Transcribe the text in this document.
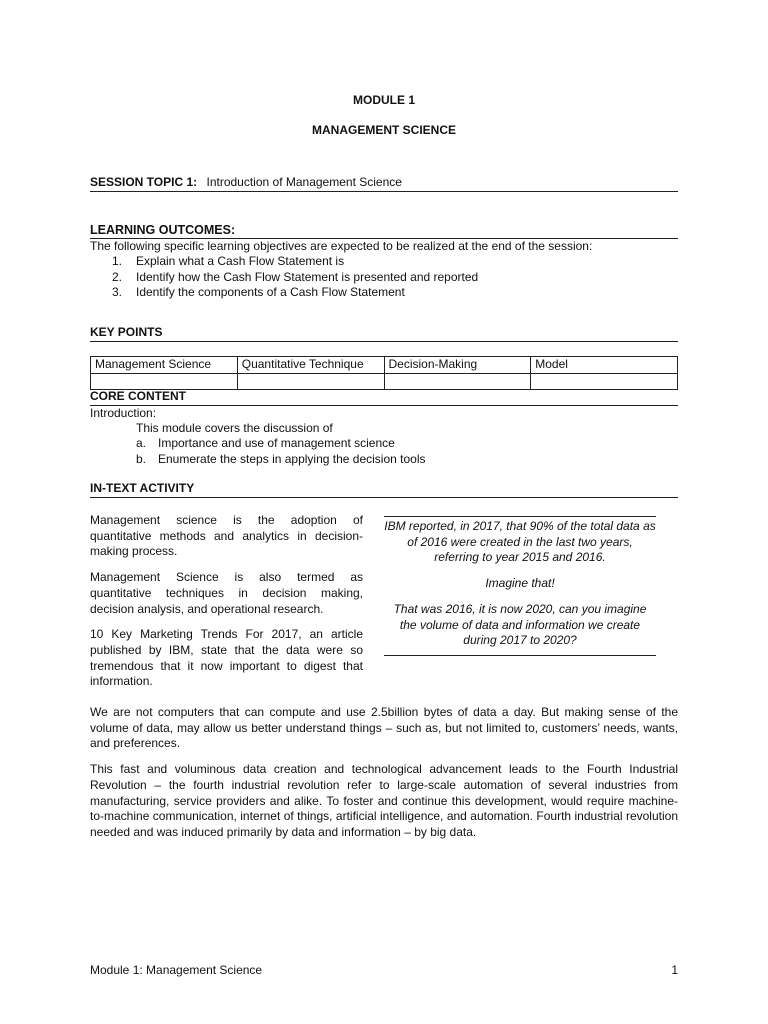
MODULE 1
MANAGEMENT SCIENCE
SESSION TOPIC 1: Introduction of Management Science
LEARNING OUTCOMES:
The following specific learning objectives are expected to be realized at the end of the session:
1. Explain what a Cash Flow Statement is
2. Identify how the Cash Flow Statement is presented and reported
3. Identify the components of a Cash Flow Statement
KEY POINTS
Management Science	Quantitative Technique	Decision-Making	Model

CORE CONTENT
Introduction:
This module covers the discussion of
a. Importance and use of management science
b. Enumerate the steps in applying the decision tools
IN-TEXT ACTIVITY

Management science is the adoption of quantitative methods and analytics in decision-making process.

Management Science is also termed as quantitative techniques in decision making, decision analysis, and operational research.

10 Key Marketing Trends For 2017, an article published by IBM, state that the data were so tremendous that it now important to digest that information.

IBM reported, in 2017, that 90% of the total data as of 2016 were created in the last two years, referring to year 2015 and 2016.

Imagine that!

That was 2016, it is now 2020, can you imagine the volume of data and information we create during 2017 to 2020?

We are not computers that can compute and use 2.5billion bytes of data a day. But making sense of the volume of data, may allow us better understand things – such as, but not limited to, customers’ needs, wants, and preferences.

This fast and voluminous data creation and technological advancement leads to the Fourth Industrial Revolution – the fourth industrial revolution refer to large-scale automation of several industries from manufacturing, service providers and alike. To foster and continue this development, would require machine-to-machine communication, internet of things, artificial intelligence, and automation. Fourth industrial revolution needed and was induced primarily by data and information – by big data.

Module 1: Management Science	1
